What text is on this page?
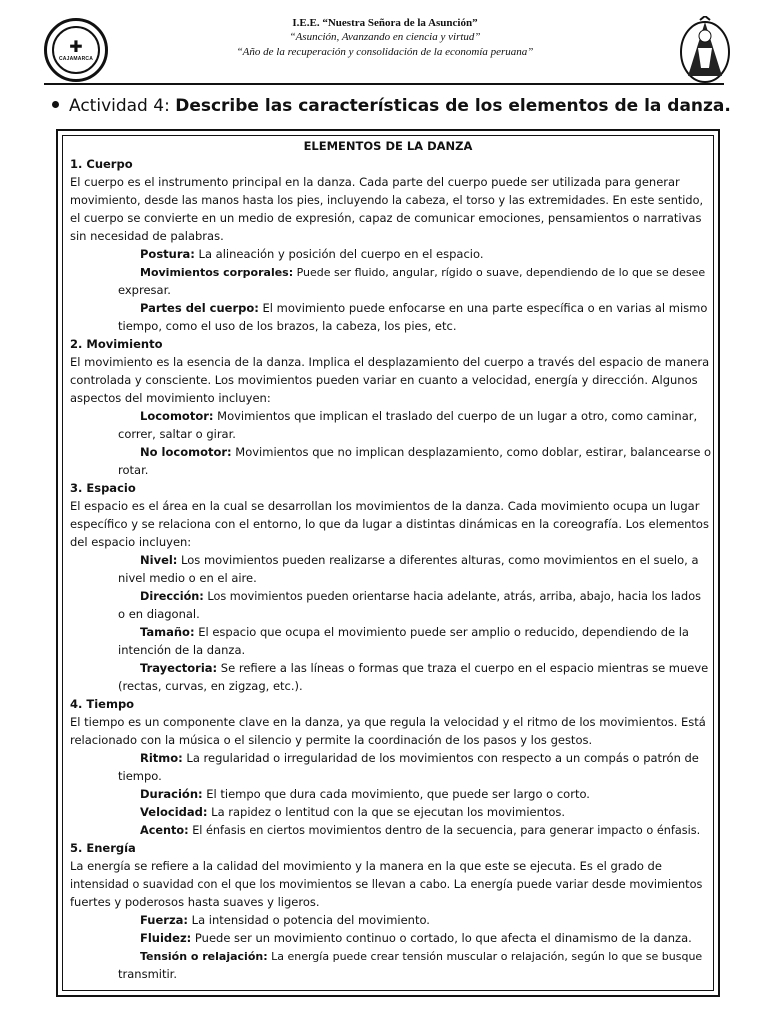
✚
CAJAMARCA
I.E.E. “Nuestra Señora de la Asunción”
“Asunción, Avanzando en ciencia y virtud”
“Año de la recuperación y consolidación de la economía peruana”
Actividad 4: Describe las características de los elementos de la danza.
ELEMENTOS DE LA DANZA
1. Cuerpo
El cuerpo es el instrumento principal en la danza. Cada parte del cuerpo puede ser utilizada para generar
movimiento, desde las manos hasta los pies, incluyendo la cabeza, el torso y las extremidades. En este sentido,
el cuerpo se convierte en un medio de expresión, capaz de comunicar emociones, pensamientos o narrativas
sin necesidad de palabras.
Postura: La alineación y posición del cuerpo en el espacio.
Movimientos corporales: Puede ser fluido, angular, rígido o suave, dependiendo de lo que se desee
expresar.
Partes del cuerpo: El movimiento puede enfocarse en una parte específica o en varias al mismo
tiempo, como el uso de los brazos, la cabeza, los pies, etc.
2. Movimiento
El movimiento es la esencia de la danza. Implica el desplazamiento del cuerpo a través del espacio de manera
controlada y consciente. Los movimientos pueden variar en cuanto a velocidad, energía y dirección. Algunos
aspectos del movimiento incluyen:
Locomotor: Movimientos que implican el traslado del cuerpo de un lugar a otro, como caminar,
correr, saltar o girar.
No locomotor: Movimientos que no implican desplazamiento, como doblar, estirar, balancearse o
rotar.
3. Espacio
El espacio es el área en la cual se desarrollan los movimientos de la danza. Cada movimiento ocupa un lugar
específico y se relaciona con el entorno, lo que da lugar a distintas dinámicas en la coreografía. Los elementos
del espacio incluyen:
Nivel: Los movimientos pueden realizarse a diferentes alturas, como movimientos en el suelo, a
nivel medio o en el aire.
Dirección: Los movimientos pueden orientarse hacia adelante, atrás, arriba, abajo, hacia los lados
o en diagonal.
Tamaño: El espacio que ocupa el movimiento puede ser amplio o reducido, dependiendo de la
intención de la danza.
Trayectoria: Se refiere a las líneas o formas que traza el cuerpo en el espacio mientras se mueve
(rectas, curvas, en zigzag, etc.).
4. Tiempo
El tiempo es un componente clave en la danza, ya que regula la velocidad y el ritmo de los movimientos. Está
relacionado con la música o el silencio y permite la coordinación de los pasos y los gestos.
Ritmo: La regularidad o irregularidad de los movimientos con respecto a un compás o patrón de
tiempo.
Duración: El tiempo que dura cada movimiento, que puede ser largo o corto.
Velocidad: La rapidez o lentitud con la que se ejecutan los movimientos.
Acento: El énfasis en ciertos movimientos dentro de la secuencia, para generar impacto o énfasis.
5. Energía
La energía se refiere a la calidad del movimiento y la manera en la que este se ejecuta. Es el grado de
intensidad o suavidad con el que los movimientos se llevan a cabo. La energía puede variar desde movimientos
fuertes y poderosos hasta suaves y ligeros.
Fuerza: La intensidad o potencia del movimiento.
Fluidez: Puede ser un movimiento continuo o cortado, lo que afecta el dinamismo de la danza.
Tensión o relajación: La energía puede crear tensión muscular o relajación, según lo que se busque
transmitir.
